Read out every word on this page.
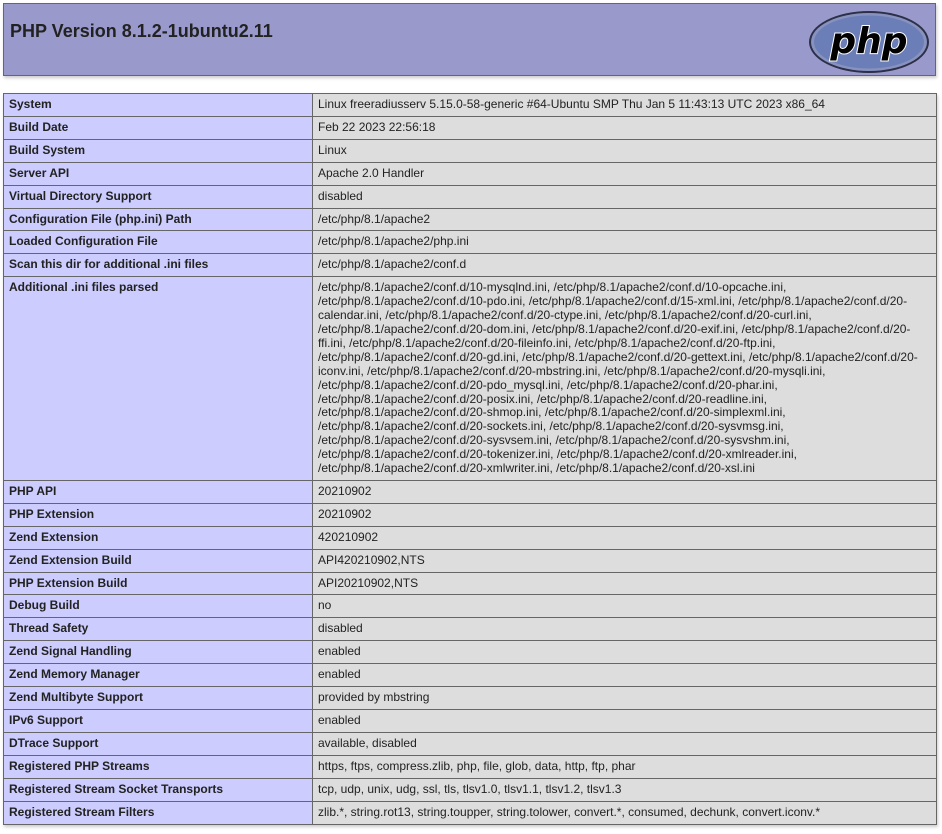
PHP Version 8.1.2-1ubuntu2.11	php
System	Linux freeradiusserv 5.15.0-58-generic #64-Ubuntu SMP Thu Jan 5 11:43:13 UTC 2023 x86_64
Build Date	Feb 22 2023 22:56:18
Build System	Linux
Server API	Apache 2.0 Handler
Virtual Directory Support	disabled
Configuration File (php.ini) Path	/etc/php/8.1/apache2
Loaded Configuration File	/etc/php/8.1/apache2/php.ini
Scan this dir for additional .ini files	/etc/php/8.1/apache2/conf.d
Additional .ini files parsed	/etc/php/8.1/apache2/conf.d/10-mysqlnd.ini, /etc/php/8.1/apache2/conf.d/10-opcache.ini, /etc/php/8.1/apache2/conf.d/10-pdo.ini, /etc/php/8.1/apache2/conf.d/15-xml.ini, /etc/php/8.1/apache2/conf.d/20-calendar.ini, /etc/php/8.1/apache2/conf.d/20-ctype.ini, /etc/php/8.1/apache2/conf.d/20-curl.ini, /etc/php/8.1/apache2/conf.d/20-dom.ini, /etc/php/8.1/apache2/conf.d/20-exif.ini, /etc/php/8.1/apache2/conf.d/20-ffi.ini, /etc/php/8.1/apache2/conf.d/20-fileinfo.ini, /etc/php/8.1/apache2/conf.d/20-ftp.ini, /etc/php/8.1/apache2/conf.d/20-gd.ini, /etc/php/8.1/apache2/conf.d/20-gettext.ini, /etc/php/8.1/apache2/conf.d/20-iconv.ini, /etc/php/8.1/apache2/conf.d/20-mbstring.ini, /etc/php/8.1/apache2/conf.d/20-mysqli.ini, /etc/php/8.1/apache2/conf.d/20-pdo_mysql.ini, /etc/php/8.1/apache2/conf.d/20-phar.ini, /etc/php/8.1/apache2/conf.d/20-posix.ini, /etc/php/8.1/apache2/conf.d/20-readline.ini, /etc/php/8.1/apache2/conf.d/20-shmop.ini, /etc/php/8.1/apache2/conf.d/20-simplexml.ini, /etc/php/8.1/apache2/conf.d/20-sockets.ini, /etc/php/8.1/apache2/conf.d/20-sysvmsg.ini, /etc/php/8.1/apache2/conf.d/20-sysvsem.ini, /etc/php/8.1/apache2/conf.d/20-sysvshm.ini, /etc/php/8.1/apache2/conf.d/20-tokenizer.ini, /etc/php/8.1/apache2/conf.d/20-xmlreader.ini, /etc/php/8.1/apache2/conf.d/20-xmlwriter.ini, /etc/php/8.1/apache2/conf.d/20-xsl.ini
PHP API	20210902
PHP Extension	20210902
Zend Extension	420210902
Zend Extension Build	API420210902,NTS
PHP Extension Build	API20210902,NTS
Debug Build	no
Thread Safety	disabled
Zend Signal Handling	enabled
Zend Memory Manager	enabled
Zend Multibyte Support	provided by mbstring
IPv6 Support	enabled
DTrace Support	available, disabled
Registered PHP Streams	https, ftps, compress.zlib, php, file, glob, data, http, ftp, phar
Registered Stream Socket Transports	tcp, udp, unix, udg, ssl, tls, tlsv1.0, tlsv1.1, tlsv1.2, tlsv1.3
Registered Stream Filters	zlib.*, string.rot13, string.toupper, string.tolower, convert.*, consumed, dechunk, convert.iconv.*
